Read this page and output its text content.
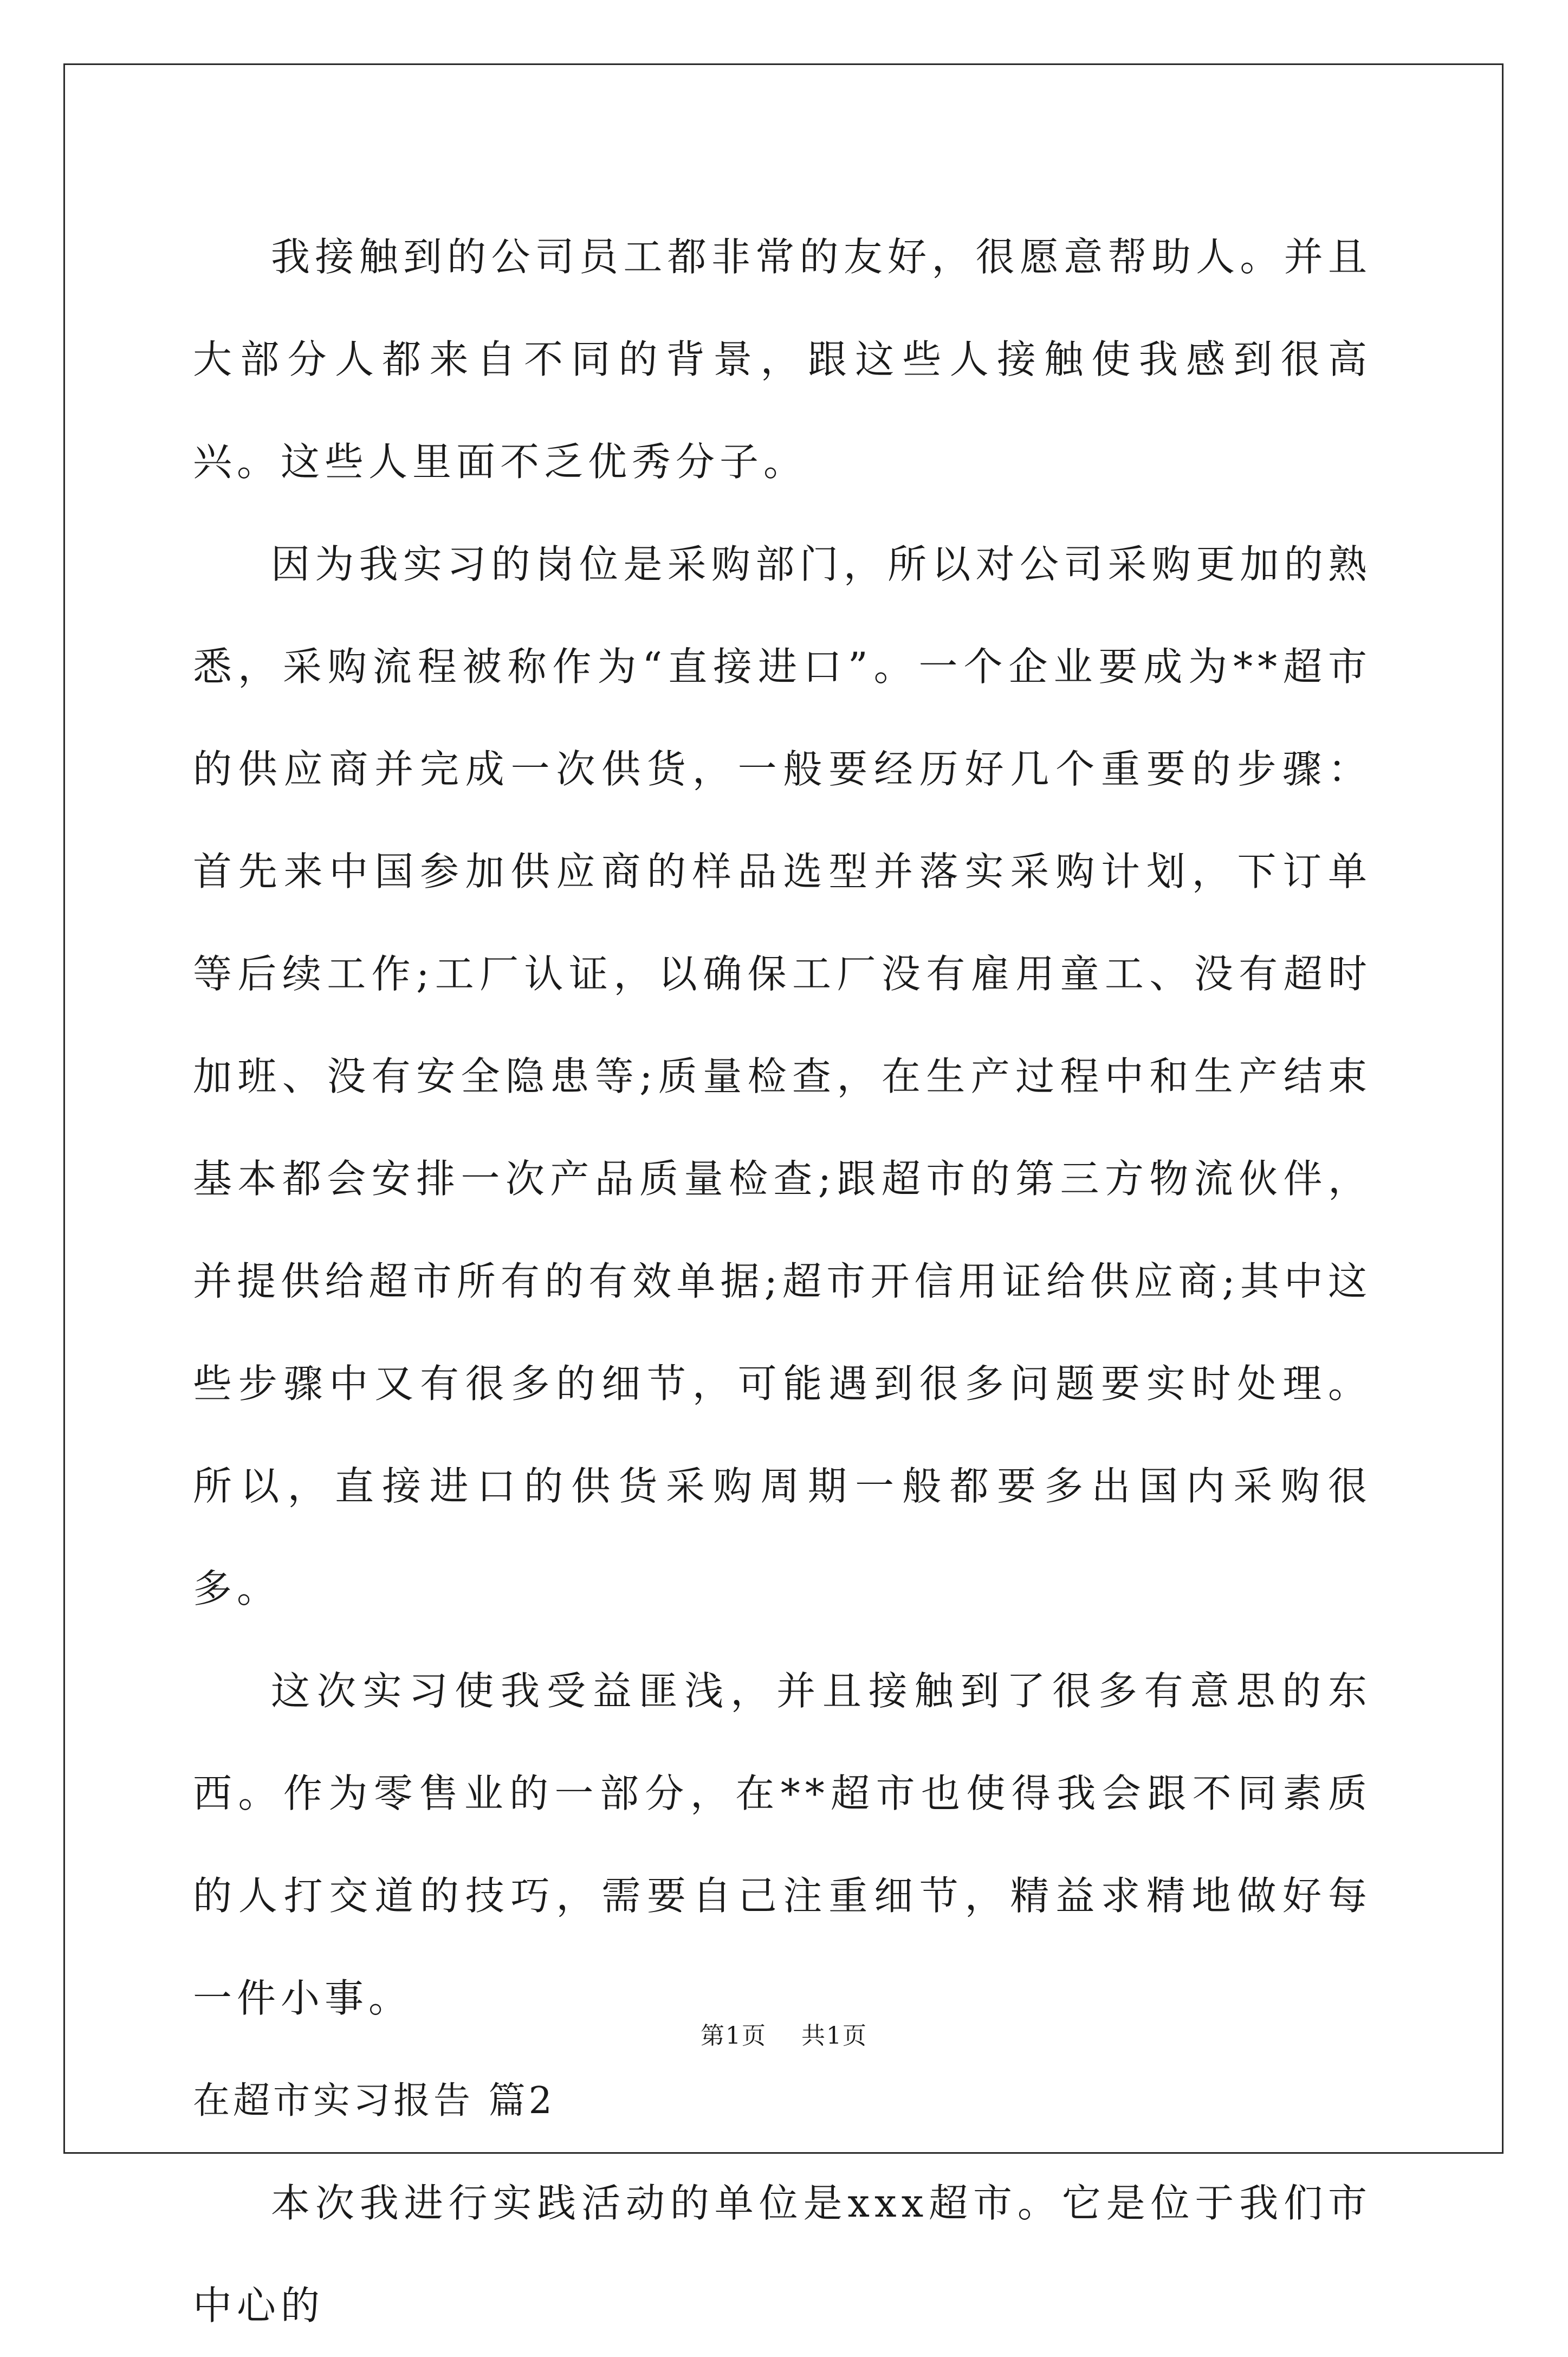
我接触到的公司员工都非常的友好，很愿意帮助人。并且大部分人都来自不同的背景，跟这些人接触使我感到很高兴。这些人里面不乏优秀分子。

因为我实习的岗位是采购部门，所以对公司采购更加的熟悉，采购流程被称作为“直接进口”。一个企业要成为**超市的供应商并完成一次供货，一般要经历好几个重要的步骤：首先来中国参加供应商的样品选型并落实采购计划，下订单等后续工作;工厂认证，以确保工厂没有雇用童工、没有超时加班、没有安全隐患等;质量检查，在生产过程中和生产结束基本都会安排一次产品质量检查;跟超市的第三方物流伙伴，并提供给超市所有的有效单据;超市开信用证给供应商;其中这些步骤中又有很多的细节，可能遇到很多问题要实时处理。所以，直接进口的供货采购周期一般都要多出国内采购很多。

这次实习使我受益匪浅，并且接触到了很多有意思的东西。作为零售业的一部分，在**超市也使得我会跟不同素质的人打交道的技巧，需要自己注重细节，精益求精地做好每一件小事。

在超市实习报告 篇2

本次我进行实践活动的单位是xxx超市。它是位于我们市中心的

第1页 共1页
